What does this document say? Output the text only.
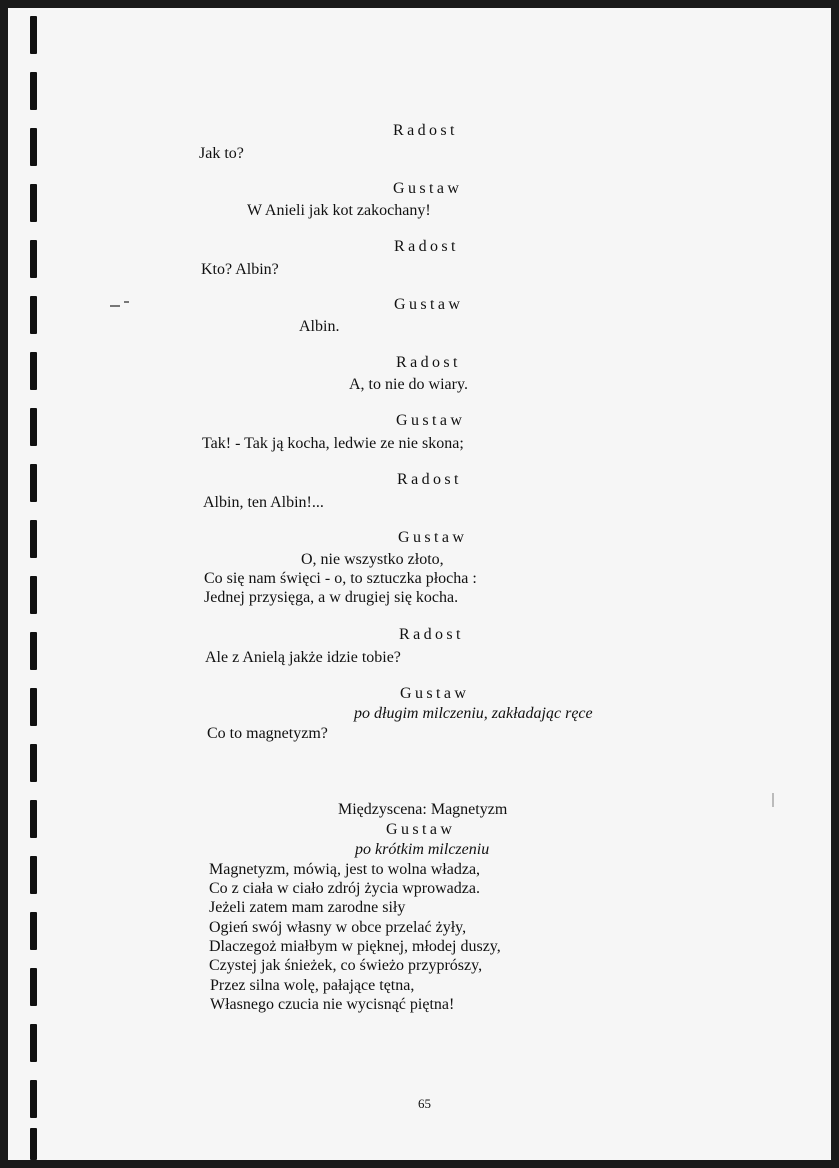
Radost
Jak to?
Gustaw
W Anieli jak kot zakochany!
Radost
Kto? Albin?
Gustaw
Albin.
Radost
A, to nie do wiary.
Gustaw
Tak! - Tak ją kocha, ledwie ze nie skona;
Radost
Albin, ten Albin!...
Gustaw
O, nie wszystko złoto,
Co się nam święci - o, to sztuczka płocha :
Jednej przysięga, a w drugiej się kocha.
Radost
Ale z Anielą jakże idzie tobie?
Gustaw
po długim milczeniu, zakładając ręce
Co to magnetyzm?
Międzyscena: Magnetyzm
Gustaw
po krótkim milczeniu
Magnetyzm, mówią, jest to wolna władza,
Co z ciała w ciało zdrój życia wprowadza.
Jeżeli zatem mam zarodne siły
Ogień swój własny w obce przelać żyły,
Dlaczegoż miałbym w pięknej, młodej duszy,
Czystej jak śnieżek, co świeżo przyprószy,
Przez silna wolę, pałające tętna,
Własnego czucia nie wycisnąć piętna!
65
